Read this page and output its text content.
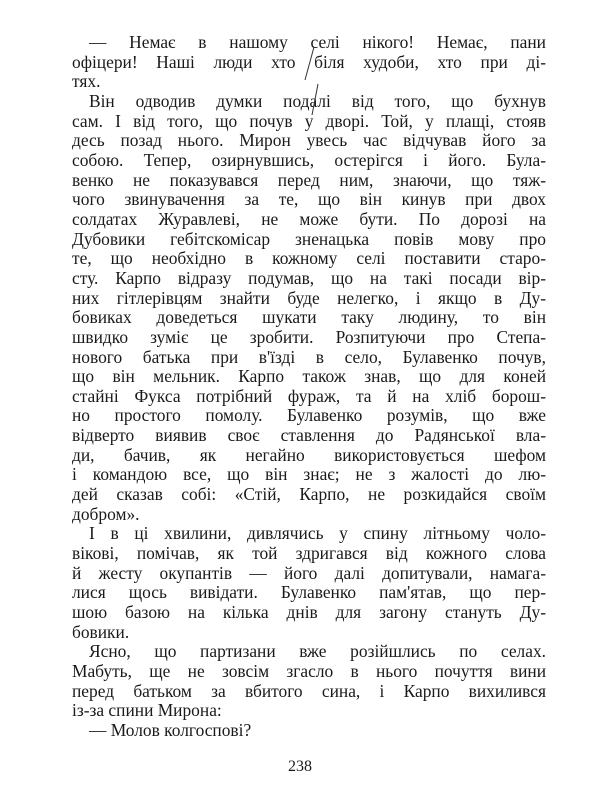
— Немає в нашому селі нікого! Немає, пани
офіцери! Наші люди хто біля худоби, хто при ді-
тях.
Він одводив думки подалі від того, що бухнув
сам. І від того, що почув у дворі. Той, у плащі, стояв
десь позад нього. Мирон увесь час відчував його за
собою. Тепер, озирнувшись, остерігся і його. Була-
венко не показувався перед ним, знаючи, що тяж-
чого звинувачення за те, що він кинув при двох
солдатах Журавлеві, не може бути. По дорозі на
Дубовики гебітскомісар зненацька повів мову про
те, що необхідно в кожному селі поставити старо-
сту. Карпо відразу подумав, що на такі посади вір-
них гітлерівцям знайти буде нелегко, і якщо в Ду-
бовиках доведеться шукати таку людину, то він
швидко зуміє це зробити. Розпитуючи про Степа-
нового батька при в'їзді в село, Булавенко почув,
що він мельник. Карпо також знав, що для коней
стайні Фукса потрібний фураж, та й на хліб борош-
но простого помолу. Булавенко розумів, що вже
відверто виявив своє ставлення до Радянської вла-
ди, бачив, як негайно використовується шефом
і командою все, що він знає; не з жалості до лю-
дей сказав собі: «Стій, Карпо, не розкидайся своїм
добром».
І в ці хвилини, дивлячись у спину літньому чоло-
вікові, помічав, як той здригався від кожного слова
й жесту окупантів — його далі допитували, намага-
лися щось вивідати. Булавенко пам'ятав, що пер-
шою базою на кілька днів для загону стануть Ду-
бовики.
Ясно, що партизани вже розійшлись по селах.
Мабуть, ще не зовсім згасло в нього почуття вини
перед батьком за вбитого сина, і Карпо вихилився
із-за спини Мирона:
— Молов колгоспові?
238
